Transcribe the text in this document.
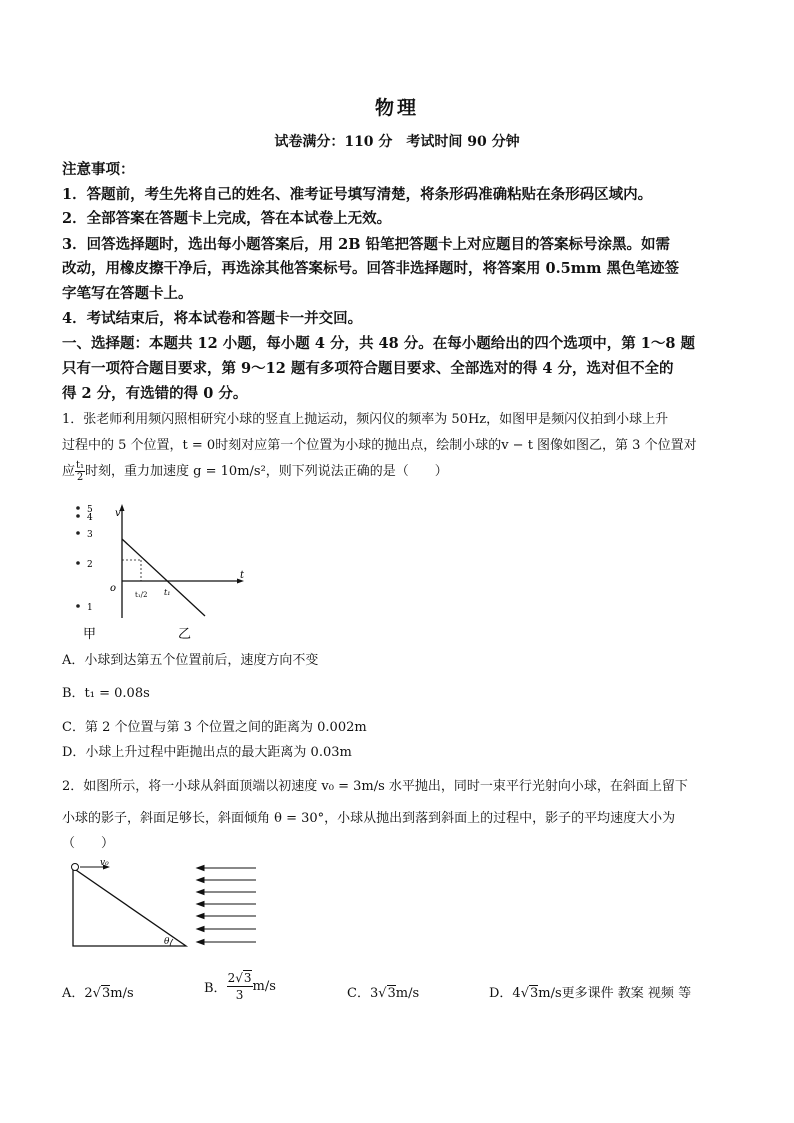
物理
试卷满分：110 分　考试时间 90 分钟
注意事项：
1．答题前，考生先将自己的姓名、准考证号填写清楚，将条形码准确粘贴在条形码区域内。
2．全部答案在答题卡上完成，答在本试卷上无效。
3．回答选择题时，选出每小题答案后，用 2B 铅笔把答题卡上对应题目的答案标号涂黑。如需
改动，用橡皮擦干净后，再选涂其他答案标号。回答非选择题时，将答案用 0.5mm 黑色笔迹签
字笔写在答题卡上。
4．考试结束后，将本试卷和答题卡一并交回。
一、选择题：本题共 12 小题，每小题 4 分，共 48 分。在每小题给出的四个选项中，第 1～8 题
只有一项符合题目要求，第 9～12 题有多项符合题目要求、全部选对的得 4 分，选对但不全的
得 2 分，有选错的得 0 分。
1．张老师利用频闪照相研究小球的竖直上抛运动，频闪仪的频率为 50Hz，如图甲是频闪仪拍到小球上升
过程中的 5 个位置，t = 0时刻对应第一个位置为小球的抛出点，绘制小球的v − t 图像如图乙，第 3 个位置对
应 $\frac{\text{t₁}}{2}$ 时刻，重力加速度 g = 10m/s²，则下列说法正确的是（　　）
5
4
3
2
1
v
t
o
t₁/2 t₁
甲	乙
A．小球到达第五个位置前后，速度方向不变
B．t₁ = 0.08s
C．第 2 个位置与第 3 个位置之间的距离为 0.002m
D．小球上升过程中距抛出点的最大距离为 0.03m
2．如图所示，将一小球从斜面顶端以初速度 v₀ = 3m/s 水平抛出，同时一束平行光射向小球，在斜面上留下
小球的影子，斜面足够长，斜面倾角 θ = 30°，小球从抛出到落到斜面上的过程中，影子的平均速度大小为
（　　）
v₀
θ
A．2√3m/s	B． $\frac{2√3}{3} m/s$	C．3√3m/s	D．4√3m/s更多课件 教案 视频 等
